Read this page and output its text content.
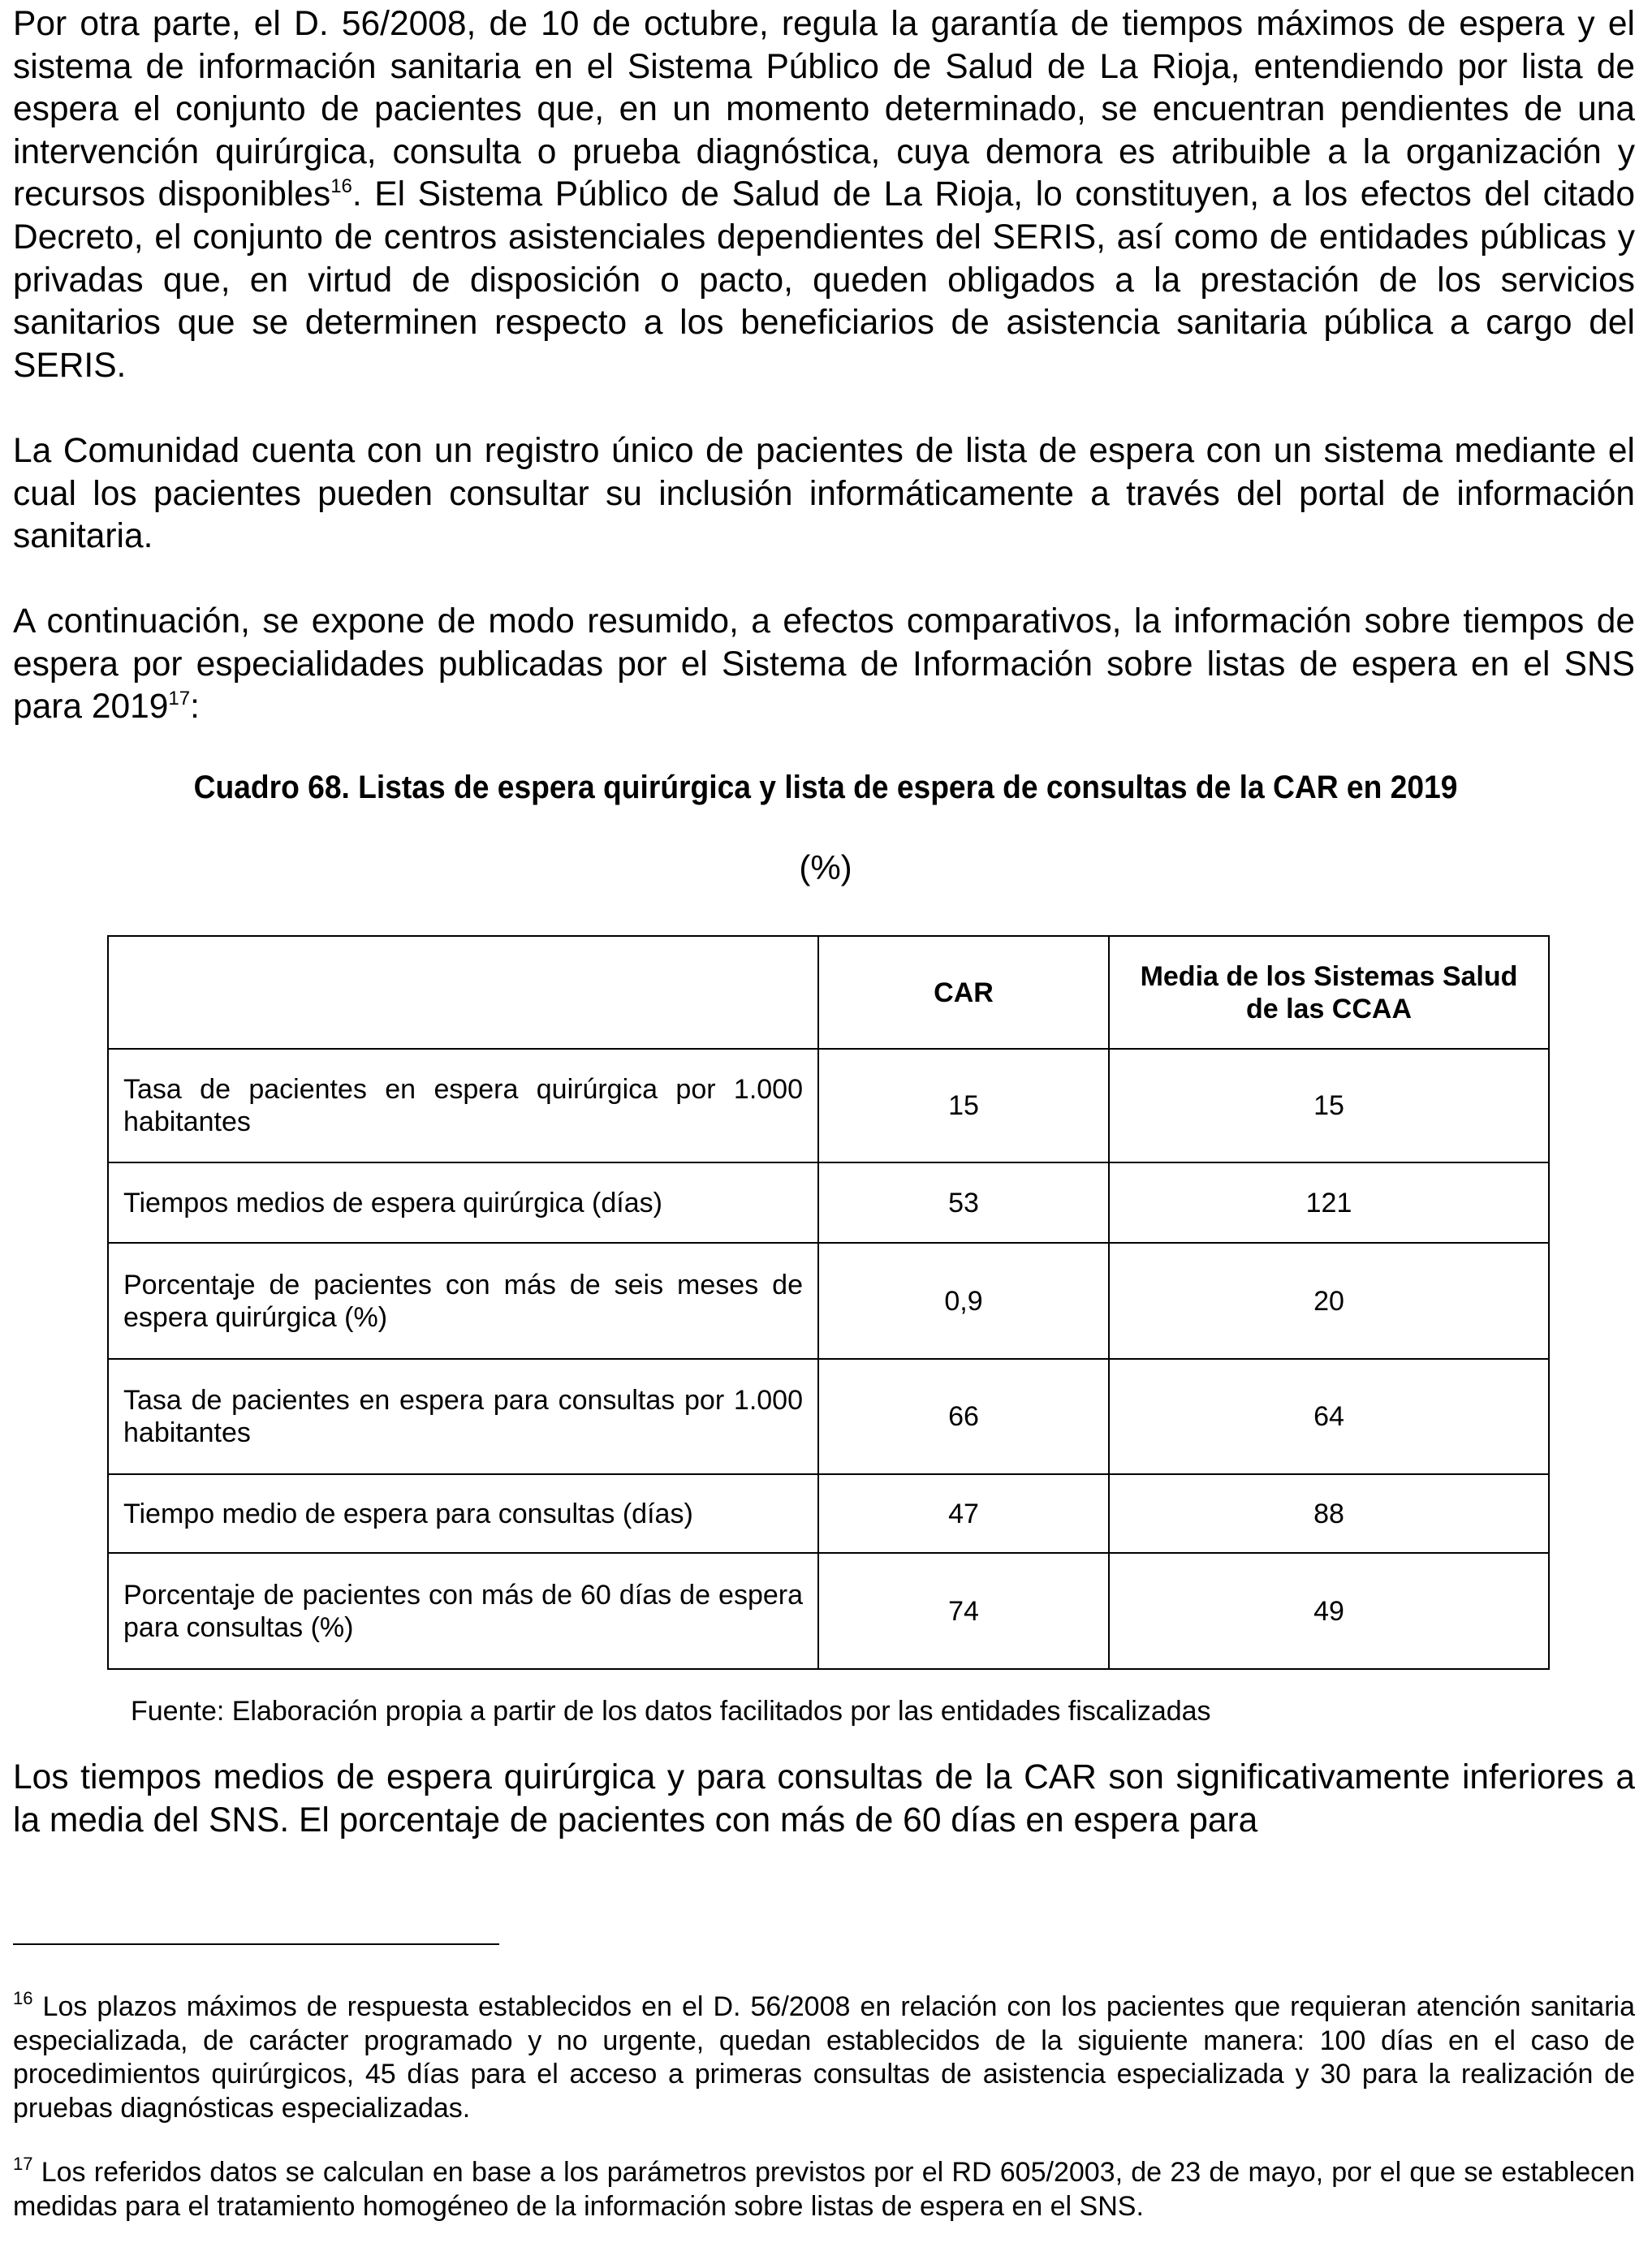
Por otra parte, el D. 56/2008, de 10 de octubre, regula la garantía de tiempos máximos de espera y el sistema de información sanitaria en el Sistema Público de Salud de La Rioja, entendiendo por lista de espera el conjunto de pacientes que, en un momento determinado, se encuentran pendientes de una intervención quirúrgica, consulta o prueba diagnóstica, cuya demora es atribuible a la organización y recursos disponibles$^{16}$. El Sistema Público de Salud de La Rioja, lo constituyen, a los efectos del citado Decreto, el conjunto de centros asistenciales dependientes del SERIS, así como de entidades públicas y privadas que, en virtud de disposición o pacto, queden obligados a la prestación de los servicios sanitarios que se determinen respecto a los beneficiarios de asistencia sanitaria pública a cargo del SERIS.

La Comunidad cuenta con un registro único de pacientes de lista de espera con un sistema mediante el cual los pacientes pueden consultar su inclusión informáticamente a través del portal de información sanitaria.

A continuación, se expone de modo resumido, a efectos comparativos, la información sobre tiempos de espera por especialidades publicadas por el Sistema de Información sobre listas de espera en el SNS para 2019$^{17}$:

Cuadro 68. Listas de espera quirúrgica y lista de espera de consultas de la CAR en 2019
(%)
	CAR	Media de los Sistemas Salud de las CCAA
Tasa de pacientes en espera quirúrgica por 1.000 habitantes	15	15
Tiempos medios de espera quirúrgica (días)	53	121
Porcentaje de pacientes con más de seis meses de espera quirúrgica (%)	0,9	20
Tasa de pacientes en espera para consultas por 1.000 habitantes	66	64
Tiempo medio de espera para consultas (días)	47	88
Porcentaje de pacientes con más de 60 días de espera para consultas (%)	74	49
Fuente: Elaboración propia a partir de los datos facilitados por las entidades fiscalizadas

Los tiempos medios de espera quirúrgica y para consultas de la CAR son significativamente inferiores a la media del SNS. El porcentaje de pacientes con más de 60 días en espera para

$^{16}$ Los plazos máximos de respuesta establecidos en el D. 56/2008 en relación con los pacientes que requieran atención sanitaria especializada, de carácter programado y no urgente, quedan establecidos de la siguiente manera: 100 días en el caso de procedimientos quirúrgicos, 45 días para el acceso a primeras consultas de asistencia especializada y 30 para la realización de pruebas diagnósticas especializadas.

$^{17}$ Los referidos datos se calculan en base a los parámetros previstos por el RD 605/2003, de 23 de mayo, por el que se establecen medidas para el tratamiento homogéneo de la información sobre listas de espera en el SNS.
